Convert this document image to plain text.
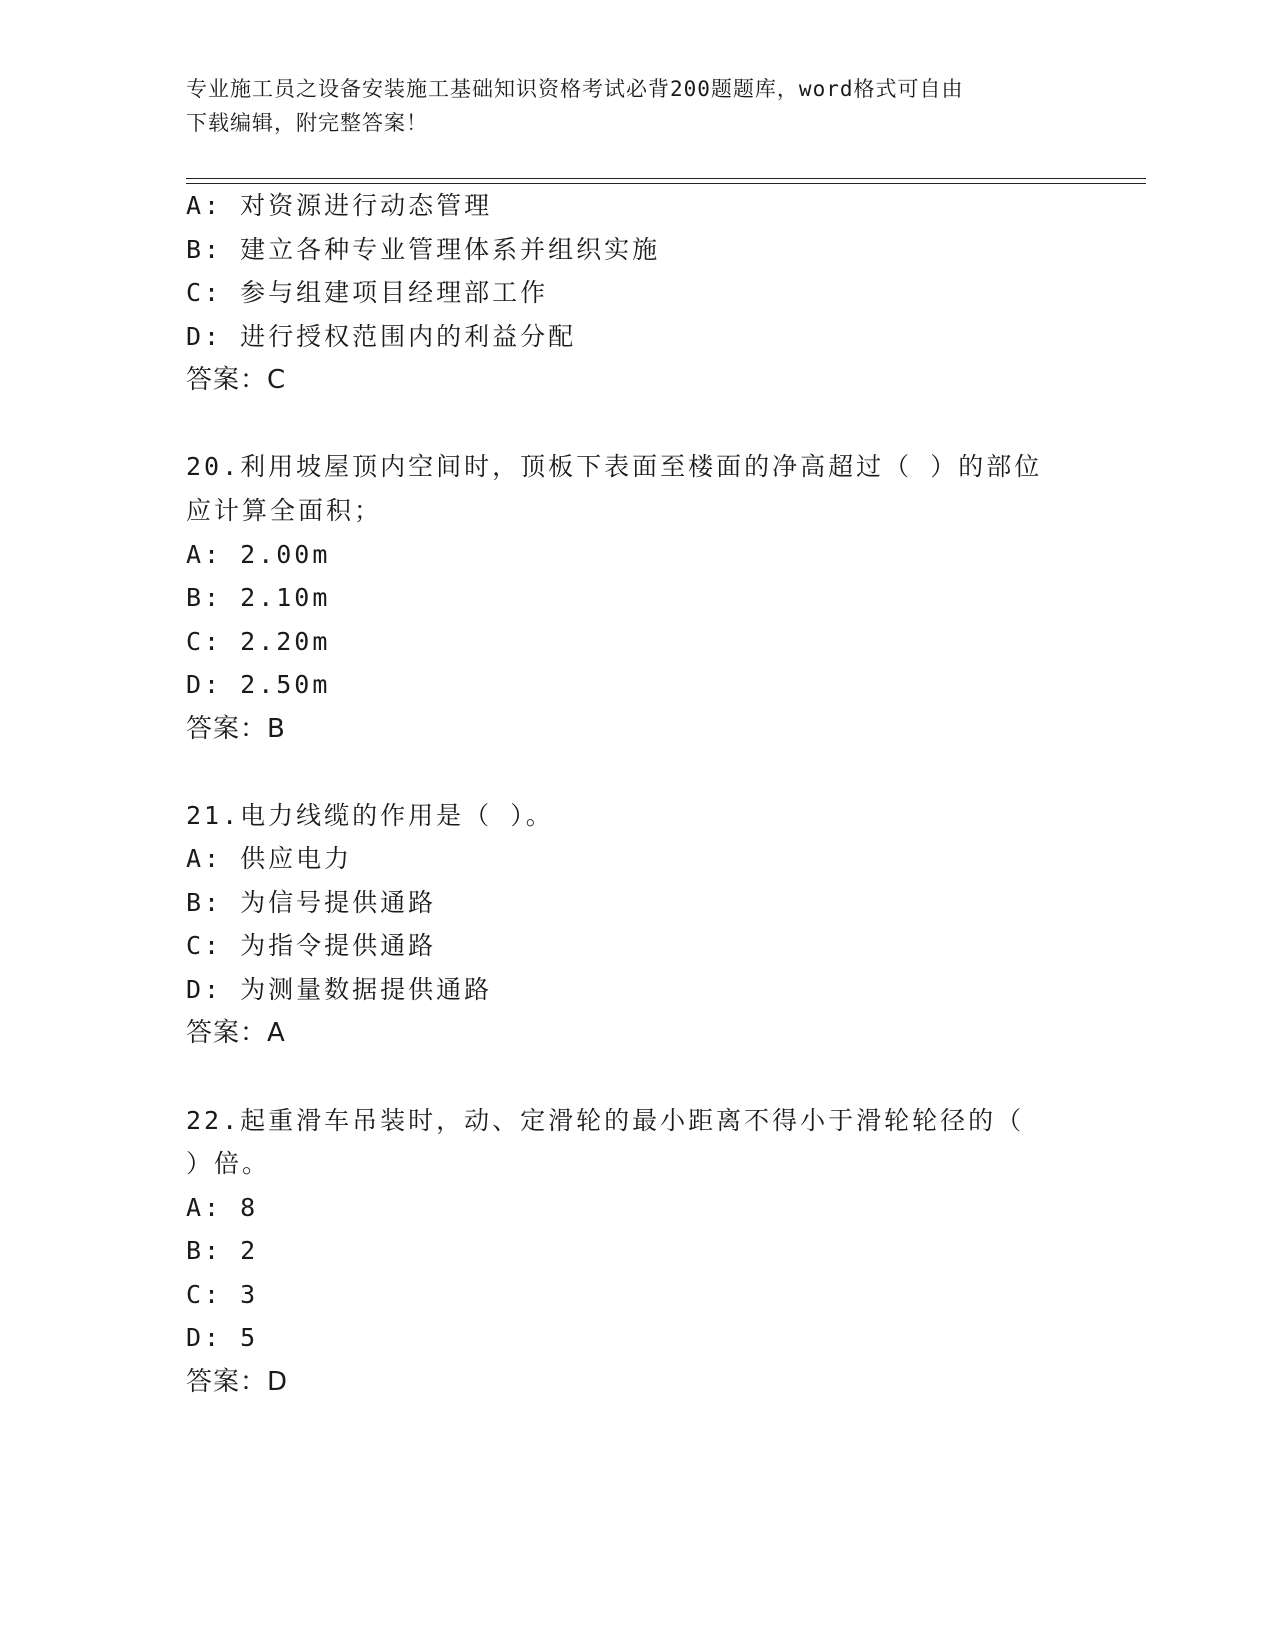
专业施工员之设备安装施工基础知识资格考试必背200题题库，word格式可自由
下载编辑，附完整答案！
A: 对资源进行动态管理
B: 建立各种专业管理体系并组织实施
C: 参与组建项目经理部工作
D: 进行授权范围内的利益分配
答案：C
20.利用坡屋顶内空间时，顶板下表面至楼面的净高超过（ ）的部位
应计算全面积；
A: 2.00m
B: 2.10m
C: 2.20m
D: 2.50m
答案：B
21.电力线缆的作用是（ ）。
A: 供应电力
B: 为信号提供通路
C: 为指令提供通路
D: 为测量数据提供通路
答案：A
22.起重滑车吊装时，动、定滑轮的最小距离不得小于滑轮轮径的（
）倍。
A: 8
B: 2
C: 3
D: 5
答案：D
